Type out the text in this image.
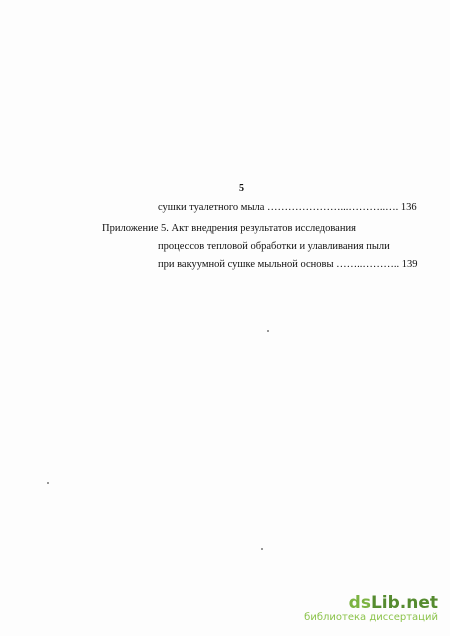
5
сушки туалетного мыла …………………...………..…. 136
Приложение 5. Акт внедрения результатов исследования
процессов тепловой обработки и улавливания пыли
при вакуумной сушке мыльной основы ……..……….. 139
dsLib.net
библиотека диссертаций
